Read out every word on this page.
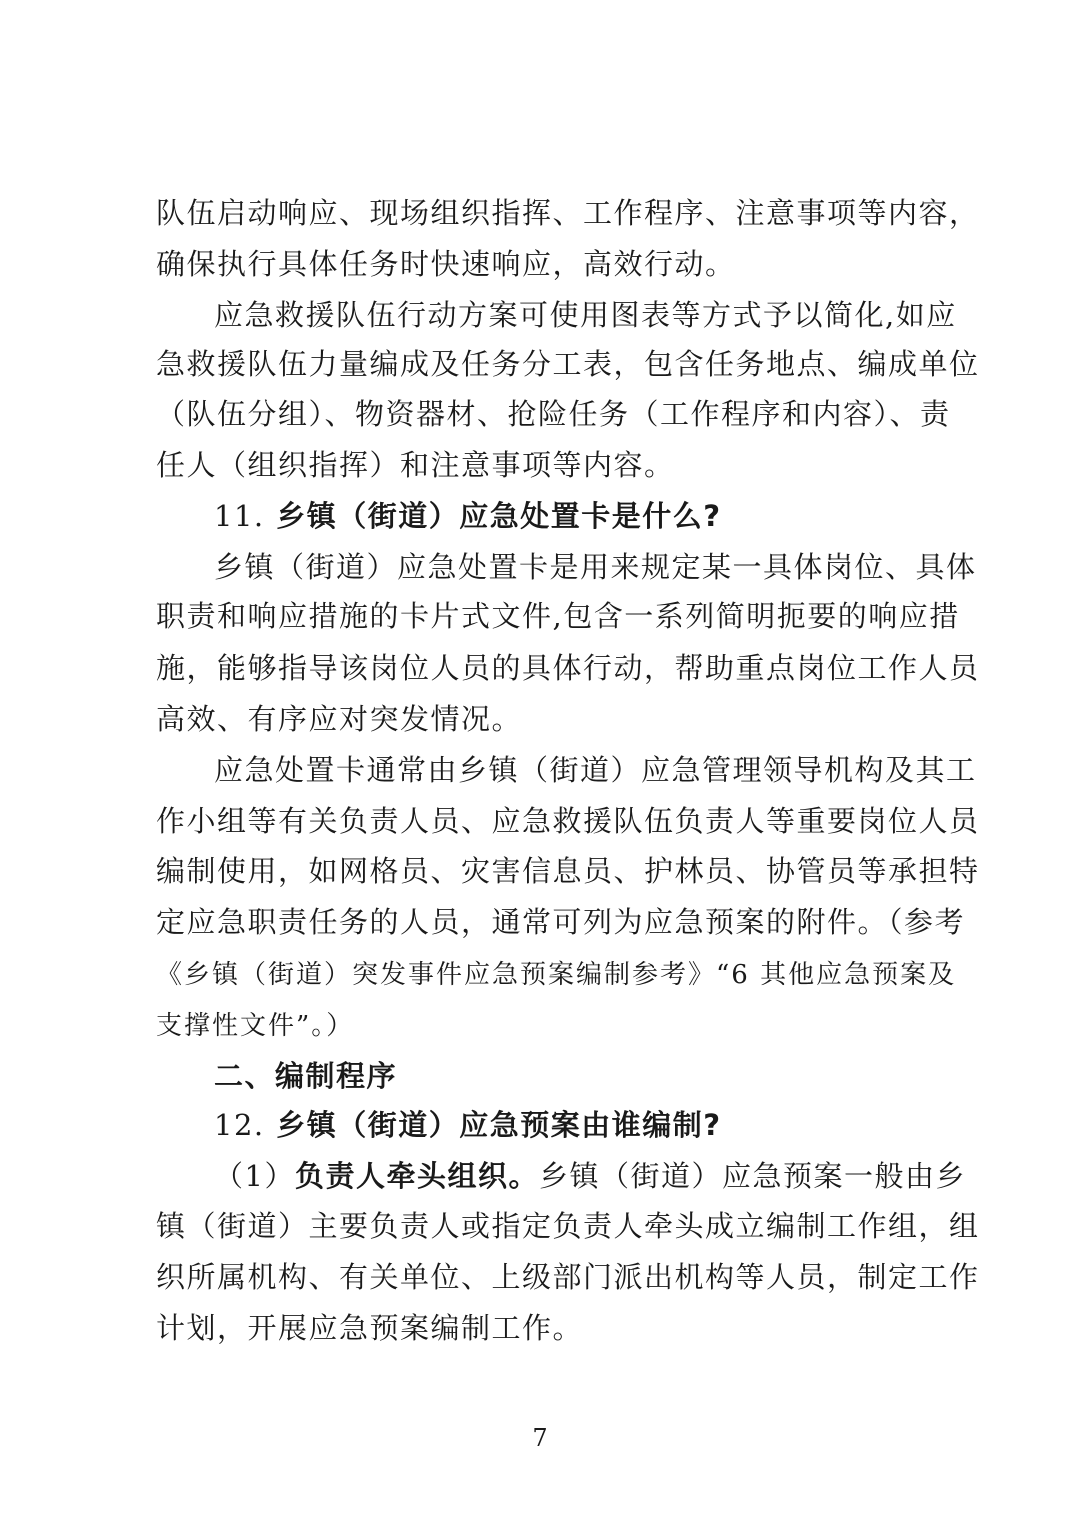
队伍启动响应、现场组织指挥、工作程序、注意事项等内容，
确保执行具体任务时快速响应，高效行动。
应急救援队伍行动方案可使用图表等方式予以简化,如应
急救援队伍力量编成及任务分工表，包含任务地点、编成单位
（队伍分组）、物资器材、抢险任务（工作程序和内容）、责
任人（组织指挥）和注意事项等内容。
11. 乡镇（街道）应急处置卡是什么?
乡镇（街道）应急处置卡是用来规定某一具体岗位、具体
职责和响应措施的卡片式文件,包含一系列简明扼要的响应措
施，能够指导该岗位人员的具体行动，帮助重点岗位工作人员
高效、有序应对突发情况。
应急处置卡通常由乡镇（街道）应急管理领导机构及其工
作小组等有关负责人员、应急救援队伍负责人等重要岗位人员
编制使用，如网格员、灾害信息员、护林员、协管员等承担特
定应急职责任务的人员，通常可列为应急预案的附件。（参考
《乡镇（街道）突发事件应急预案编制参考》“6 其他应急预案及
支撑性文件”。）
二、编制程序
12. 乡镇（街道）应急预案由谁编制?
（1）负责人牵头组织。乡镇（街道）应急预案一般由乡
镇（街道）主要负责人或指定负责人牵头成立编制工作组，组
织所属机构、有关单位、上级部门派出机构等人员，制定工作
计划，开展应急预案编制工作。
7
